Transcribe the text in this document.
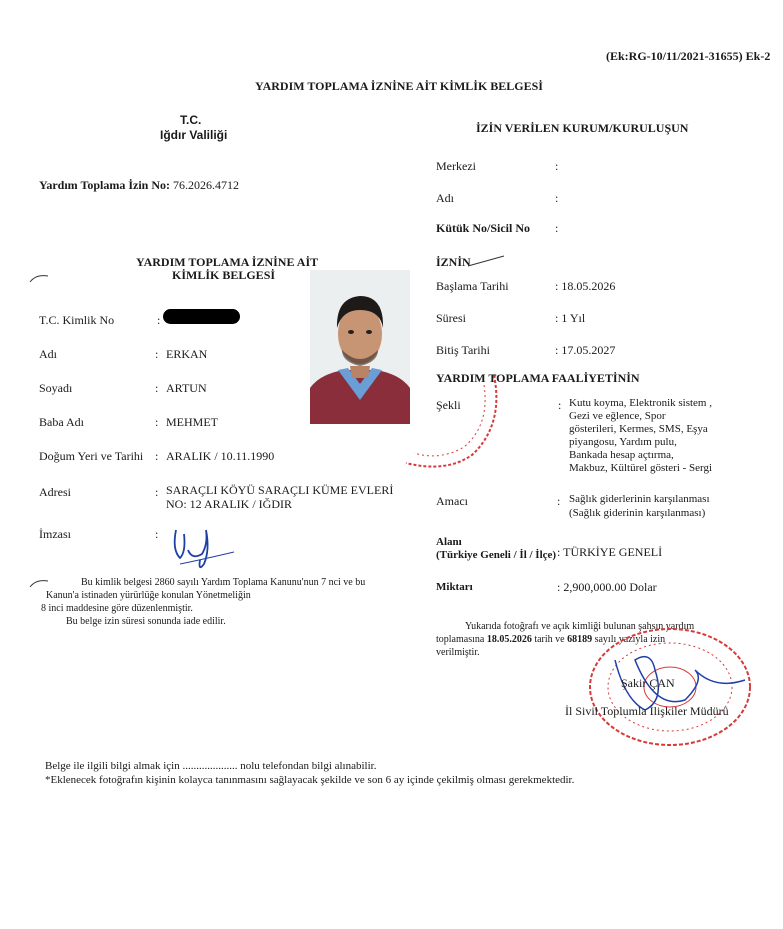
(Ek:RG-10/11/2021-31655) Ek-2
YARDIM TOPLAMA İZNİNE AİT KİMLİK BELGESİ
T.C.
Iğdır Valiliği	İZİN VERİLEN KURUM/KURULUŞUN
Yardım Toplama İzin No: 76.2026.4712
Merkezi	:
Adı	:
Kütük No/Sicil No :
YARDIM TOPLAMA İZNİNE AİT
KİMLİK BELGESİ
T.C. Kimlik No	:
Adı	: ERKAN
Soyadı	: ARTUN
Baba Adı	: MEHMET
Doğum Yeri ve Tarihi : ARALIK / 10.11.1990
Adresi	: SARAÇLI KÖYÜ SARAÇLI KÜME EVLERİ
NO: 12 ARALIK / IĞDIR
İmzası	:
İZNİN
Başlama Tarihi	: 18.05.2026
Süresi	: 1 Yıl
Bitiş Tarihi	: 17.05.2027
YARDIM TOPLAMA FAALİYETİNİN
Şekli	: Kutu koyma, Elektronik sistem ,
Gezi ve eğlence, Spor
gösterileri, Kermes, SMS, Eşya
piyangosu, Yardım pulu,
Bankada hesap açtırma,
Makbuz, Kültürel gösteri - Sergi
Amacı	: Sağlık giderlerinin karşılanması
(Sağlık giderinin karşılanması)
Alanı
(Türkiye Geneli / İl / İlçe) : TÜRKİYE GENELİ
Miktarı	: 2,900,000.00 Dolar
Bu kimlik belgesi 2860 sayılı Yardım Toplama Kanunu'nun 7 nci ve bu
Kanun'a istinaden yürürlüğe konulan Yönetmeliğin
8 inci maddesine göre düzenlenmiştir.
Bu belge izin süresi sonunda iade edilir.	Yukarıda fotoğrafı ve açık kimliği bulunan şahsın yardım
toplamasına 18.05.2026 tarih ve 68189 sayılı yazıyla izin
verilmiştir.
Şakir ÇAN
İl Sivil Toplumla İlişkiler Müdürü
Belge ile ilgili bilgi almak için .................... nolu telefondan bilgi alınabilir.
*Eklenecek fotoğrafın kişinin kolayca tanınmasını sağlayacak şekilde ve son 6 ay içinde çekilmiş olması gerekmektedir.
